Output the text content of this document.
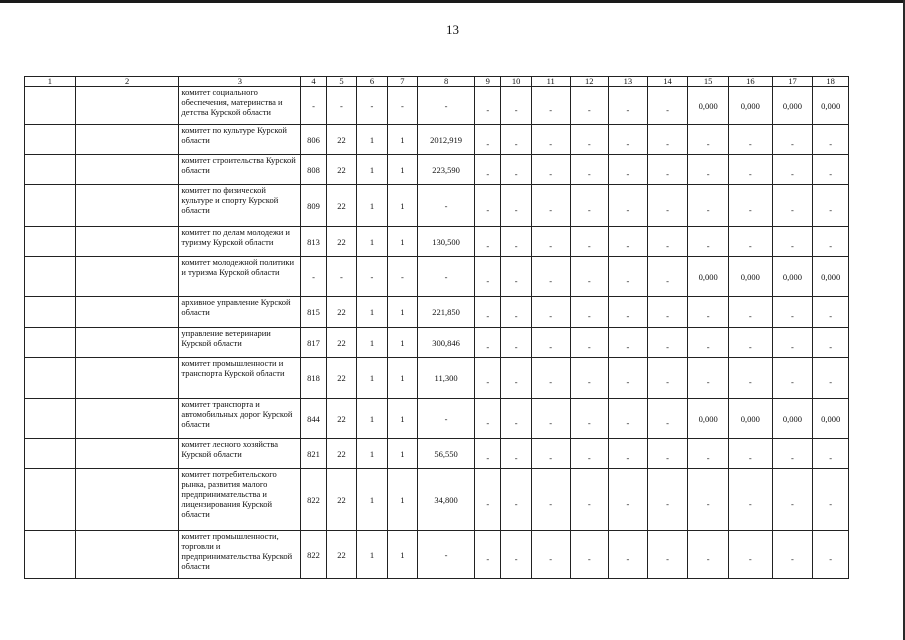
13
1	2	3	4	5	6	7	8	9	10	11	12	13	14	15	16	17	18
		комитет социального обеспечения, материнства и детства Курской области	-	-	-	-	-	-	-	-	-	-	-	0,000	0,000	0,000	0,000
		комитет по культуре Курской области	806	22	1	1	2012,919	-	-	-	-	-	-	-	-	-	-
		комитет строительства Курской области	808	22	1	1	223,590	-	-	-	-	-	-	-	-	-	-
		комитет по физической культуре и спорту Курской области	809	22	1	1	-	-	-	-	-	-	-	-	-	-	-
		комитет по делам молодежи и туризму Курской области	813	22	1	1	130,500	-	-	-	-	-	-	-	-	-	-
		комитет молодежной политики и туризма Курской области	-	-	-	-	-	-	-	-	-	-	-	0,000	0,000	0,000	0,000
		архивное управление Курской области	815	22	1	1	221,850	-	-	-	-	-	-	-	-	-	-
		управление ветеринарии Курской области	817	22	1	1	300,846	-	-	-	-	-	-	-	-	-	-
		комитет промышленности и транспорта Курской области	818	22	1	1	11,300	-	-	-	-	-	-	-	-	-	-
		комитет транспорта и автомобильных дорог Курской области	844	22	1	1	-	-	-	-	-	-	-	0,000	0,000	0,000	0,000
		комитет лесного хозяйства Курской области	821	22	1	1	56,550	-	-	-	-	-	-	-	-	-	-
		комитет потребительского рынка, развития малого предпринимательства и лицензирования Курской области	822	22	1	1	34,800	-	-	-	-	-	-	-	-	-	-
		комитет промышленности, торговли и предпринимательства Курской области	822	22	1	1	-	-	-	-	-	-	-	-	-	-	-
